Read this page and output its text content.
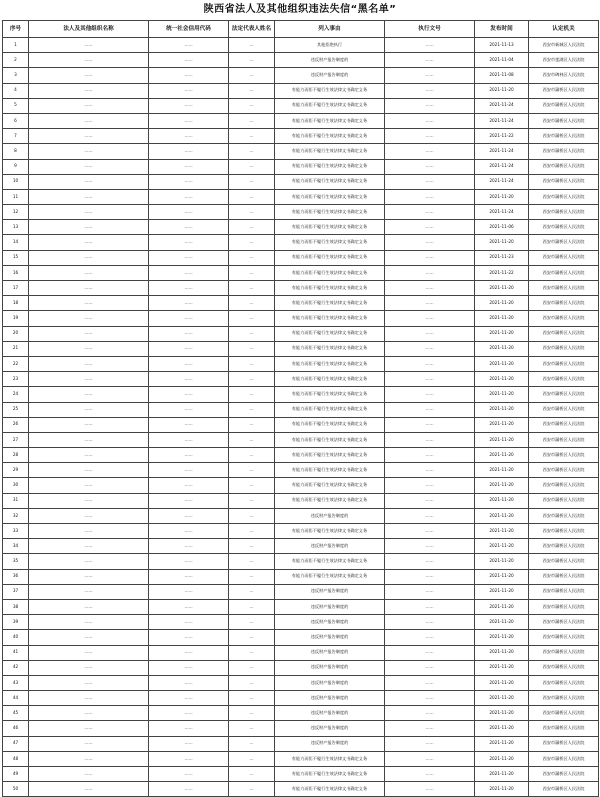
陕西省法人及其他组织违法失信“黑名单”
序号	法人及其他组织名称	统一社会信用代码	法定代表人姓名	列入事由	执行文号	发布时间	认定机关
1	……	……	…	其他拒绝执行	……	2021-11-13	西安市新城区人民法院
2	……	……	…	违反财产报告制度的	……	2021-11-04	西安市莲湖区人民法院
3	……	……	…	违反财产报告制度的	……	2021-11-08	西安市碑林区人民法院
4	……	……	…	有能力而拒不履行生效法律文书确定义务	……	2021-11-20	西安市灨桥区人民法院
5	……	……	…	有能力而拒不履行生效法律文书确定义务	……	2021-11-24	西安市灨桥区人民法院
6	……	……	…	有能力而拒不履行生效法律文书确定义务	……	2021-11-24	西安市灨桥区人民法院
7	……	……	…	有能力而拒不履行生效法律文书确定义务	……	2021-11-22	西安市灨桥区人民法院
8	……	……	…	有能力而拒不履行生效法律文书确定义务	……	2021-11-24	西安市灨桥区人民法院
9	……	……	…	有能力而拒不履行生效法律文书确定义务	……	2021-11-24	西安市灨桥区人民法院
10	……	……	…	有能力而拒不履行生效法律文书确定义务	……	2021-11-24	西安市灨桥区人民法院
11	……	……	…	有能力而拒不履行生效法律文书确定义务	……	2021-11-20	西安市灨桥区人民法院
12	……	……	…	有能力而拒不履行生效法律文书确定义务	……	2021-11-24	西安市灨桥区人民法院
13	……	……	…	有能力而拒不履行生效法律文书确定义务	……	2021-11-06	西安市灨桥区人民法院
14	……	……	…	有能力而拒不履行生效法律文书确定义务	……	2021-11-20	西安市灨桥区人民法院
15	……	……	…	有能力而拒不履行生效法律文书确定义务	……	2021-11-23	西安市灨桥区人民法院
16	……	……	…	有能力而拒不履行生效法律文书确定义务	……	2021-11-22	西安市灨桥区人民法院
17	……	……	…	有能力而拒不履行生效法律文书确定义务	……	2021-11-20	西安市灨桥区人民法院
18	……	……	…	有能力而拒不履行生效法律文书确定义务	……	2021-11-20	西安市灨桥区人民法院
19	……	……	…	有能力而拒不履行生效法律文书确定义务	……	2021-11-20	西安市灨桥区人民法院
20	……	……	…	有能力而拒不履行生效法律文书确定义务	……	2021-11-20	西安市灨桥区人民法院
21	……	……	…	有能力而拒不履行生效法律文书确定义务	……	2021-11-20	西安市灨桥区人民法院
22	……	……	…	有能力而拒不履行生效法律文书确定义务	……	2021-11-20	西安市灨桥区人民法院
23	……	……	…	有能力而拒不履行生效法律文书确定义务	……	2021-11-20	西安市灨桥区人民法院
24	……	……	…	有能力而拒不履行生效法律文书确定义务	……	2021-11-20	西安市灨桥区人民法院
25	……	……	…	有能力而拒不履行生效法律文书确定义务	……	2021-11-20	西安市灨桥区人民法院
26	……	……	…	有能力而拒不履行生效法律文书确定义务	……	2021-11-20	西安市灨桥区人民法院
27	……	……	…	有能力而拒不履行生效法律文书确定义务	……	2021-11-20	西安市灨桥区人民法院
28	……	……	…	有能力而拒不履行生效法律文书确定义务	……	2021-11-20	西安市灨桥区人民法院
29	……	……	…	有能力而拒不履行生效法律文书确定义务	……	2021-11-20	西安市灨桥区人民法院
30	……	……	…	有能力而拒不履行生效法律文书确定义务	……	2021-11-20	西安市灨桥区人民法院
31	……	……	…	有能力而拒不履行生效法律文书确定义务	……	2021-11-20	西安市灨桥区人民法院
32	……	……	…	违反财产报告制度的	……	2021-11-20	西安市灨桥区人民法院
33	……	……	…	有能力而拒不履行生效法律文书确定义务	……	2021-11-20	西安市灨桥区人民法院
34	……	……	…	违反财产报告制度的	……	2021-11-20	西安市灨桥区人民法院
35	……	……	…	有能力而拒不履行生效法律文书确定义务	……	2021-11-20	西安市灨桥区人民法院
36	……	……	…	有能力而拒不履行生效法律文书确定义务	……	2021-11-20	西安市灨桥区人民法院
37	……	……	…	违反财产报告制度的	……	2021-11-20	西安市灨桥区人民法院
38	……	……	…	违反财产报告制度的	……	2021-11-20	西安市灨桥区人民法院
39	……	……	…	违反财产报告制度的	……	2021-11-20	西安市灨桥区人民法院
40	……	……	…	违反财产报告制度的	……	2021-11-20	西安市灨桥区人民法院
41	……	……	…	违反财产报告制度的	……	2021-11-20	西安市灨桥区人民法院
42	……	……	…	违反财产报告制度的	……	2021-11-20	西安市灨桥区人民法院
43	……	……	…	违反财产报告制度的	……	2021-11-20	西安市灨桥区人民法院
44	……	……	…	违反财产报告制度的	……	2021-11-20	西安市灨桥区人民法院
45	……	……	…	违反财产报告制度的	……	2021-11-20	西安市灨桥区人民法院
46	……	……	…	违反财产报告制度的	……	2021-11-20	西安市灨桥区人民法院
47	……	……	…	违反财产报告制度的	……	2021-11-20	西安市灨桥区人民法院
48	……	……	…	有能力而拒不履行生效法律文书确定义务	……	2021-11-20	西安市灨桥区人民法院
49	……	……	…	有能力而拒不履行生效法律文书确定义务	……	2021-11-20	西安市灨桥区人民法院
50	……	……	…	有能力而拒不履行生效法律文书确定义务	……	2021-11-20	西安市灨桥区人民法院
